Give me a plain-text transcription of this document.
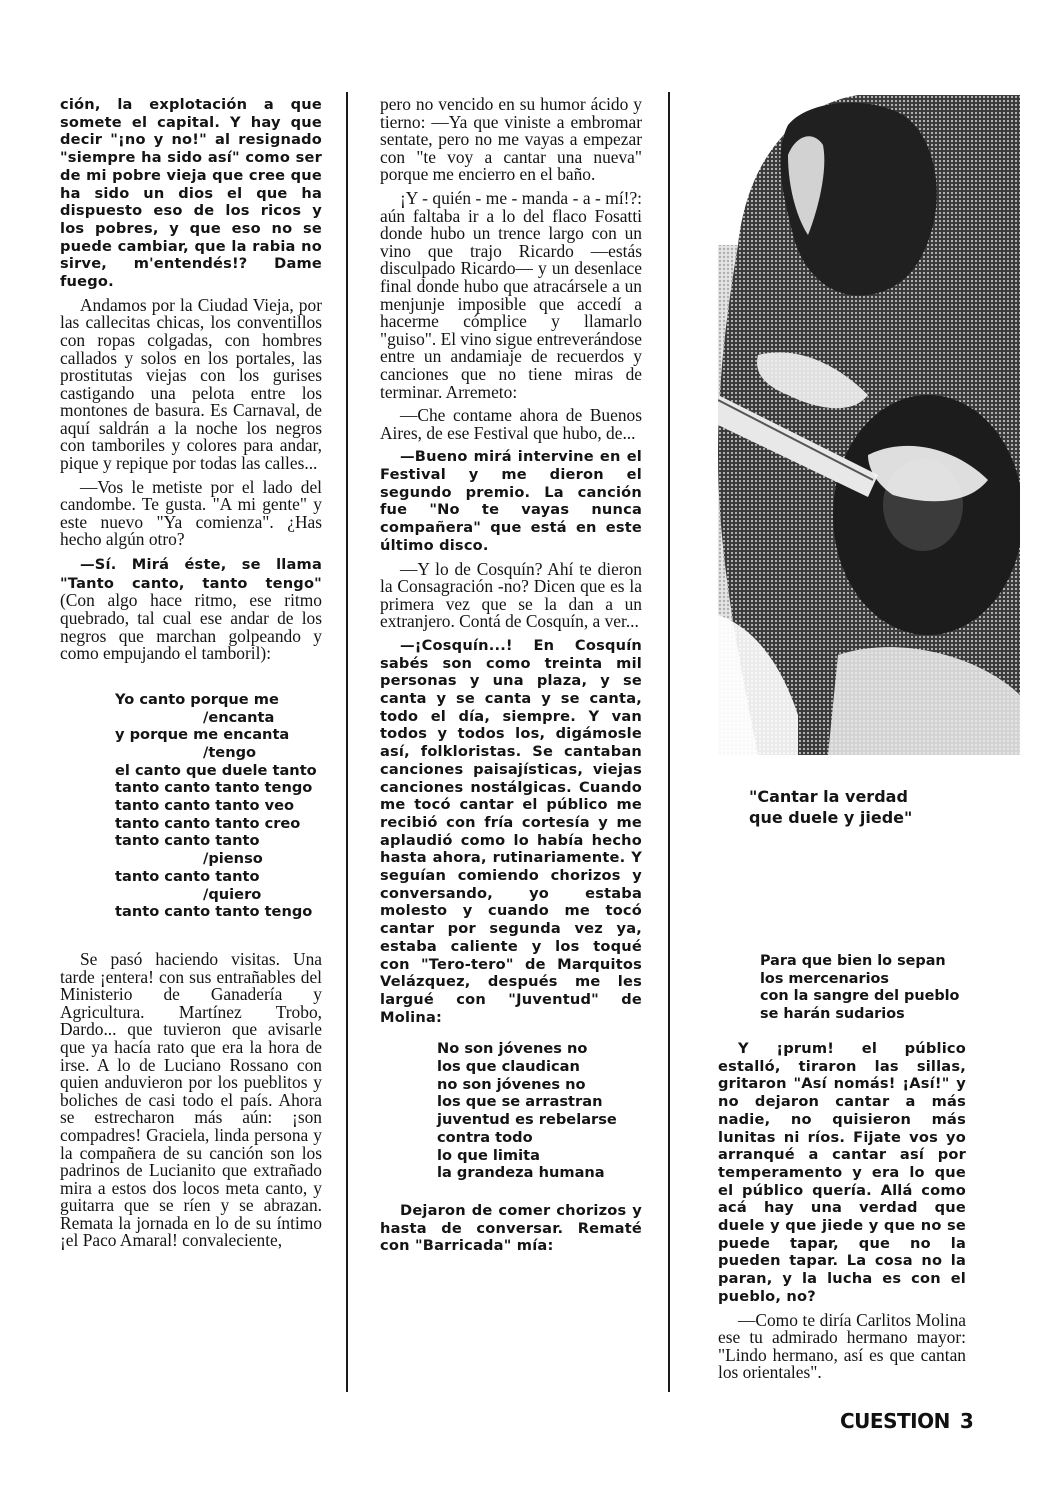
ción, la explotación a que somete el capital. Y hay que decir "¡no y no!" al resignado "siempre ha sido así" como ser de mi pobre vieja que cree que ha sido un dios el que ha dispuesto eso de los ricos y los pobres, y que eso no se puede cambiar, que la rabia no sirve, m'entendés!? Dame fuego.

Andamos por la Ciudad Vieja, por las callecitas chicas, los conventillos con ropas colgadas, con hombres callados y solos en los portales, las prostitutas viejas con los gurises castigando una pelota entre los montones de basura. Es Carnaval, de aquí saldrán a la noche los negros con tamboriles y colores para andar, pique y repique por todas las calles...

—Vos le metiste por el lado del candombe. Te gusta. "A mi gente" y este nuevo "Ya comienza". ¿Has hecho algún otro?

—Sí. Mirá éste, se llama "Tanto canto, tanto tengo" (Con algo hace ritmo, ese ritmo quebrado, tal cual ese andar de los negros que marchan golpeando y como empujando el tamboril):

Yo canto porque me
/encanta
y porque me encanta
/tengo
el canto que duele tanto
tanto canto tanto tengo
tanto canto tanto veo
tanto canto tanto creo
tanto canto tanto
/pienso
tanto canto tanto
/quiero
tanto canto tanto tengo

Se pasó haciendo visitas. Una tarde ¡entera! con sus entrañables del Ministerio de Ganadería y Agricultura. Martínez Trobo, Dardo... que tuvieron que avisarle que ya hacía rato que era la hora de irse. A lo de Luciano Rossano con quien anduvieron por los pueblitos y boliches de casi todo el país. Ahora se estrecharon más aún: ¡son compadres! Graciela, linda persona y la compañera de su canción son los padrinos de Lucianito que extrañado mira a estos dos locos meta canto, y guitarra que se ríen y se abrazan. Remata la jornada en lo de su íntimo ¡el Paco Amaral! convaleciente,

pero no vencido en su humor ácido y tierno: —Ya que viniste a embromar sentate, pero no me vayas a empezar con "te voy a cantar una nueva" porque me encierro en el baño.

¡Y - quién - me - manda - a - mí!?: aún faltaba ir a lo del flaco Fosatti donde hubo un trence largo con un vino que trajo Ricardo —estás disculpado Ricardo— y un desenlace final donde hubo que atracársele a un menjunje imposible que accedí a hacerme cómplice y llamarlo "guiso". El vino sigue entreverándose entre un andamiaje de recuerdos y canciones que no tiene miras de terminar. Arremeto:

—Che contame ahora de Buenos Aires, de ese Festival que hubo, de...

—Bueno mirá intervine en el Festival y me dieron el segundo premio. La canción fue "No te vayas nunca compañera" que está en este último disco.

—Y lo de Cosquín? Ahí te dieron la Consagración -no? Dicen que es la primera vez que se la dan a un extranjero. Contá de Cosquín, a ver...

—¡Cosquín...! En Cosquín sabés son como treinta mil personas y una plaza, y se canta y se canta y se canta, todo el día, siempre. Y van todos y todos los, digámosle así, folkloristas. Se cantaban canciones paisajísticas, viejas canciones nostálgicas. Cuando me tocó cantar el público me recibió con fría cortesía y me aplaudió como lo había hecho hasta ahora, rutinariamente. Y seguían comiendo chorizos y conversando, yo estaba molesto y cuando me tocó cantar por segunda vez ya, estaba caliente y los toqué con "Tero-tero" de Marquitos Velázquez, después me les largué con "Juventud" de Molina:

No son jóvenes no
los que claudican
no son jóvenes no
los que se arrastran
juventud es rebelarse
contra todo
lo que limita
la grandeza humana

Dejaron de comer chorizos y hasta de conversar. Rematé con "Barricada" mía:

"Cantar la verdad
que duele y jiede"
Para que bien lo sepan
los mercenarios
con la sangre del pueblo
se harán sudarios

Y ¡prum! el público estalló, tiraron las sillas, gritaron "Así nomás! ¡Así!" y no dejaron cantar a más nadie, no quisieron más lunitas ni ríos. Fijate vos yo arranqué a cantar así por temperamento y era lo que el público quería. Allá como acá hay una verdad que duele y que jiede y que no se puede tapar, que no la pueden tapar. La cosa no la paran, y la lucha es con el pueblo, no?

—Como te diría Carlitos Molina ese tu admirado hermano mayor: "Lindo hermano, así es que cantan los orientales".

CUESTION 3
